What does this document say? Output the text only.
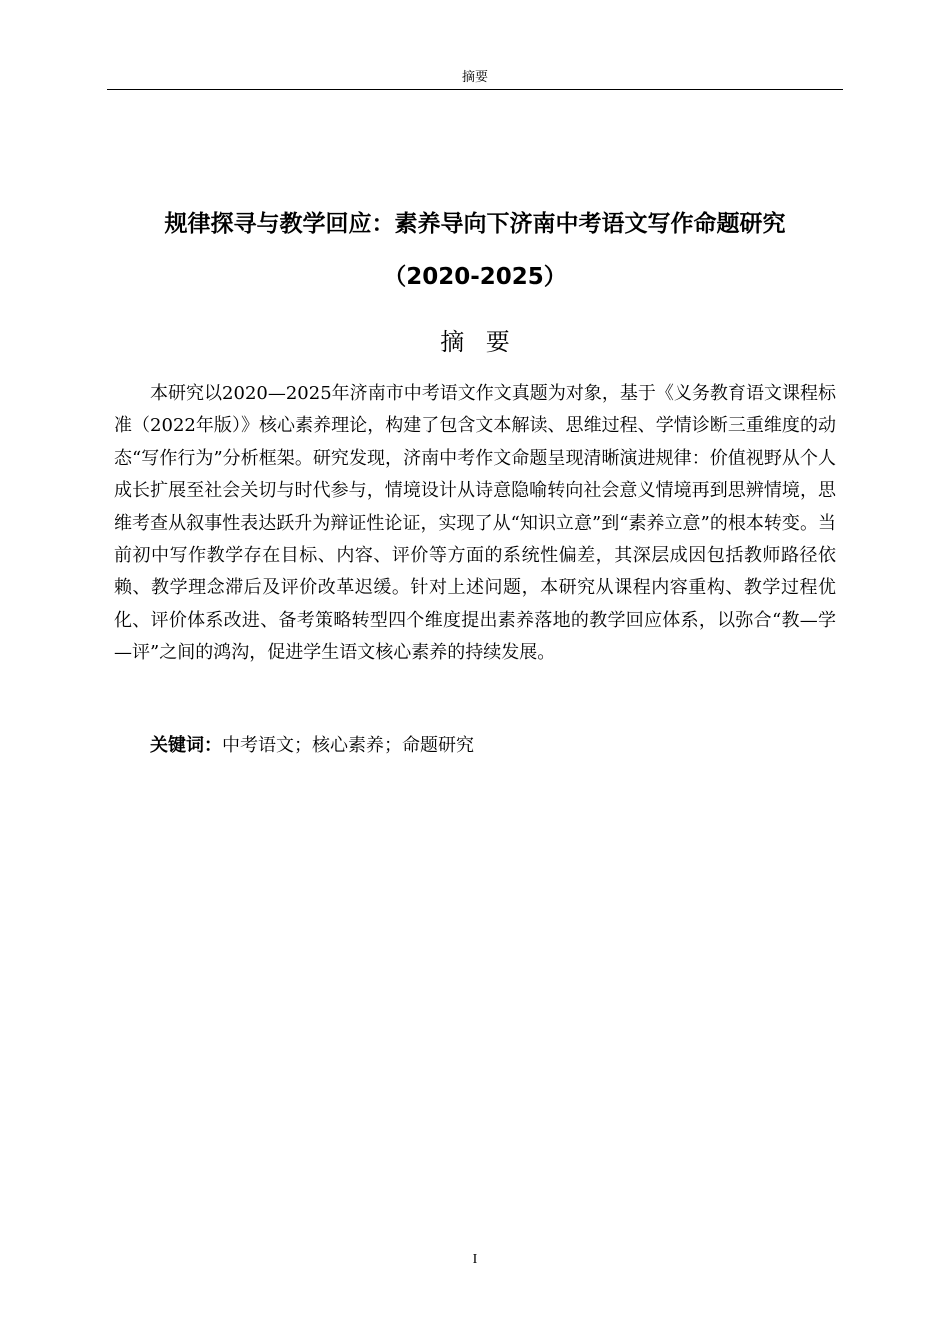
摘要
规律探寻与教学回应：素养导向下济南中考语文写作命题研究
（2020-2025）
摘要

本研究以2020—2025年济南市中考语文作文真题为对象，基于《义务教育语文课程标准（2022年版）》核心素养理论，构建了包含文本解读、思维过程、学情诊断三重维度的动态“写作行为”分析框架。研究发现，济南中考作文命题呈现清晰演进规律：价值视野从个人成长扩展至社会关切与时代参与，情境设计从诗意隐喻转向社会意义情境再到思辨情境，思维考查从叙事性表达跃升为辩证性论证，实现了从“知识立意”到“素养立意”的根本转变。当前初中写作教学存在目标、内容、评价等方面的系统性偏差，其深层成因包括教师路径依赖、教学理念滞后及评价改革迟缓。针对上述问题，本研究从课程内容重构、教学过程优化、评价体系改进、备考策略转型四个维度提出素养落地的教学回应体系，以弥合“教—学—评”之间的鸿沟，促进学生语文核心素养的持续发展。

关键词：中考语文；核心素养；命题研究
I
